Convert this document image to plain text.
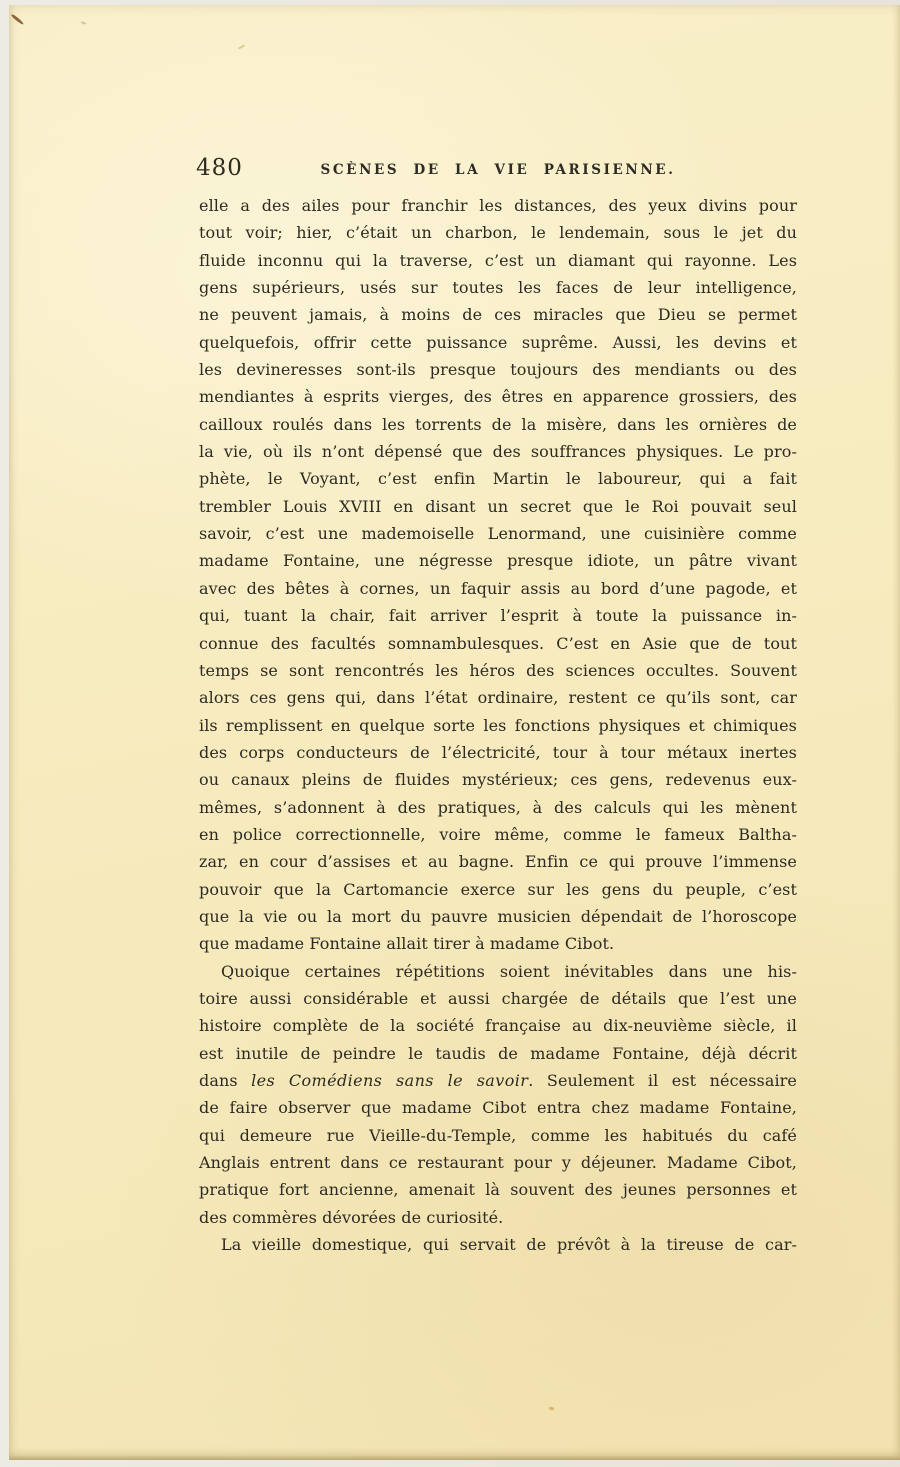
480	SCÈNES DE LA VIE PARISIENNE.
elle a des ailes pour franchir les distances, des yeux divins pour
tout voir; hier, c’était un charbon, le lendemain, sous le jet du
fluide inconnu qui la traverse, c’est un diamant qui rayonne. Les
gens supérieurs, usés sur toutes les faces de leur intelligence,
ne peuvent jamais, à moins de ces miracles que Dieu se permet
quelquefois, offrir cette puissance suprême. Aussi, les devins et
les devineresses sont-ils presque toujours des mendiants ou des
mendiantes à esprits vierges, des êtres en apparence grossiers, des
cailloux roulés dans les torrents de la misère, dans les ornières de
la vie, où ils n’ont dépensé que des souffrances physiques. Le pro-
phète, le Voyant, c’est enfin Martin le laboureur, qui a fait
trembler Louis XVIII en disant un secret que le Roi pouvait seul
savoir, c’est une mademoiselle Lenormand, une cuisinière comme
madame Fontaine, une négresse presque idiote, un pâtre vivant
avec des bêtes à cornes, un faquir assis au bord d’une pagode, et
qui, tuant la chair, fait arriver l’esprit à toute la puissance in-
connue des facultés somnambulesques. C’est en Asie que de tout
temps se sont rencontrés les héros des sciences occultes. Souvent
alors ces gens qui, dans l’état ordinaire, restent ce qu’ils sont, car
ils remplissent en quelque sorte les fonctions physiques et chimiques
des corps conducteurs de l’électricité, tour à tour métaux inertes
ou canaux pleins de fluides mystérieux; ces gens, redevenus eux-
mêmes, s’adonnent à des pratiques, à des calculs qui les mènent
en police correctionnelle, voire même, comme le fameux Baltha-
zar, en cour d’assises et au bagne. Enfin ce qui prouve l’immense
pouvoir que la Cartomancie exerce sur les gens du peuple, c’est
que la vie ou la mort du pauvre musicien dépendait de l’horoscope
que madame Fontaine allait tirer à madame Cibot.
Quoique certaines répétitions soient inévitables dans une his-
toire aussi considérable et aussi chargée de détails que l’est une
histoire complète de la société française au dix-neuvième siècle, il
est inutile de peindre le taudis de madame Fontaine, déjà décrit
dans les Comédiens sans le savoir. Seulement il est nécessaire
de faire observer que madame Cibot entra chez madame Fontaine,
qui demeure rue Vieille-du-Temple, comme les habitués du café
Anglais entrent dans ce restaurant pour y déjeuner. Madame Cibot,
pratique fort ancienne, amenait là souvent des jeunes personnes et
des commères dévorées de curiosité.
La vieille domestique, qui servait de prévôt à la tireuse de car-
